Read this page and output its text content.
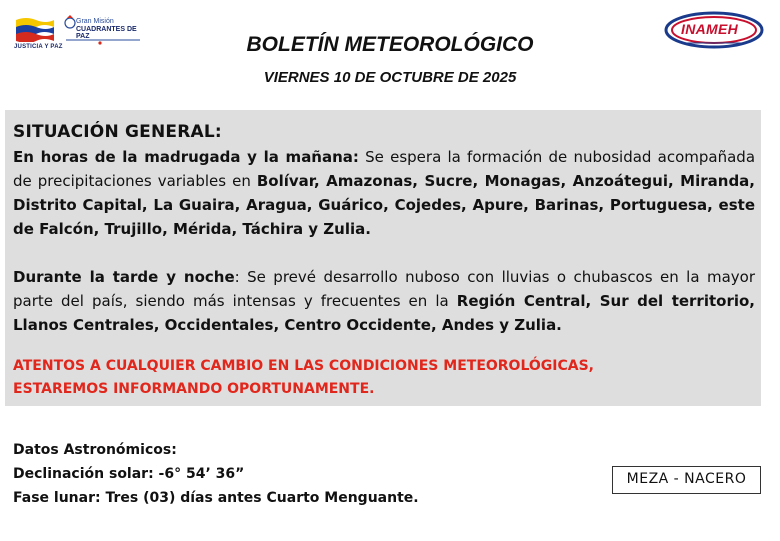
JUSTICIA Y PAZ
Gran Misión
CUADRANTES DE PAZ	INAMEH
BOLETÍN METEOROLÓGICO
VIERNES 10 DE OCTUBRE DE 2025
SITUACIÓN GENERAL:

En horas de la madrugada y la mañana: Se espera la formación de nubosidad acompañada de precipitaciones variables en Bolívar, Amazonas, Sucre, Monagas, Anzoátegui, Miranda, Distrito Capital, La Guaira, Aragua, Guárico, Cojedes, Apure, Barinas, Portuguesa, este de Falcón, Trujillo, Mérida, Táchira y Zulia.

Durante la tarde y noche: Se prevé desarrollo nuboso con lluvias o chubascos en la mayor parte del país, siendo más intensas y frecuentes en la Región Central, Sur del territorio, Llanos Centrales, Occidentales, Centro Occidente, Andes y Zulia.

ATENTOS A CUALQUIER CAMBIO EN LAS CONDICIONES METEOROLÓGICAS,
ESTAREMOS INFORMANDO OPORTUNAMENTE.
Datos Astronómicos:
Declinación solar: -6° 54’ 36”
Fase lunar: Tres (03) días antes Cuarto Menguante.
MEZA - NACERO
